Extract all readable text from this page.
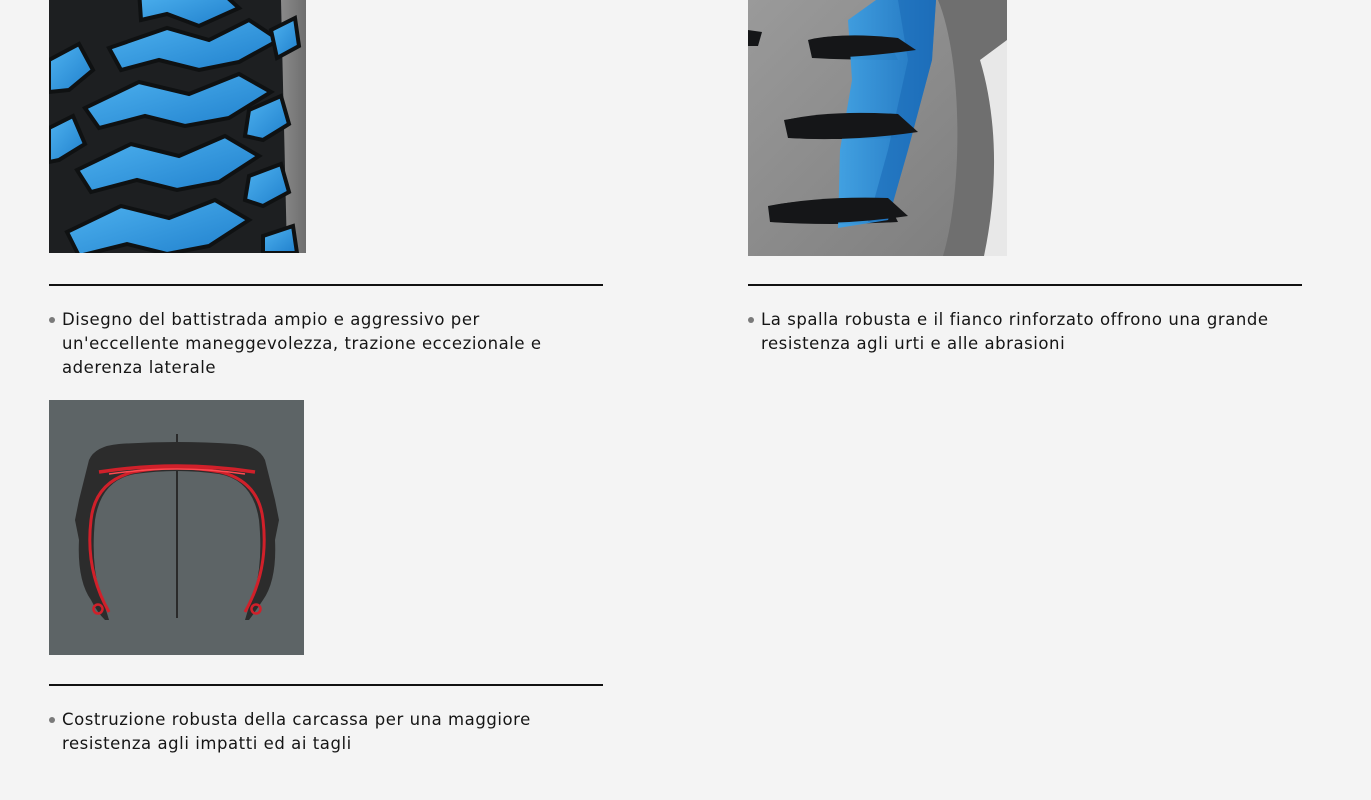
Disegno del battistrada ampio e aggressivo per un'eccellente maneggevolezza, trazione eccezionale e aderenza laterale
La spalla robusta e il fianco rinforzato offrono una grande resistenza agli urti e alle abrasioni
Costruzione robusta della carcassa per una maggiore resistenza agli impatti ed ai tagli
